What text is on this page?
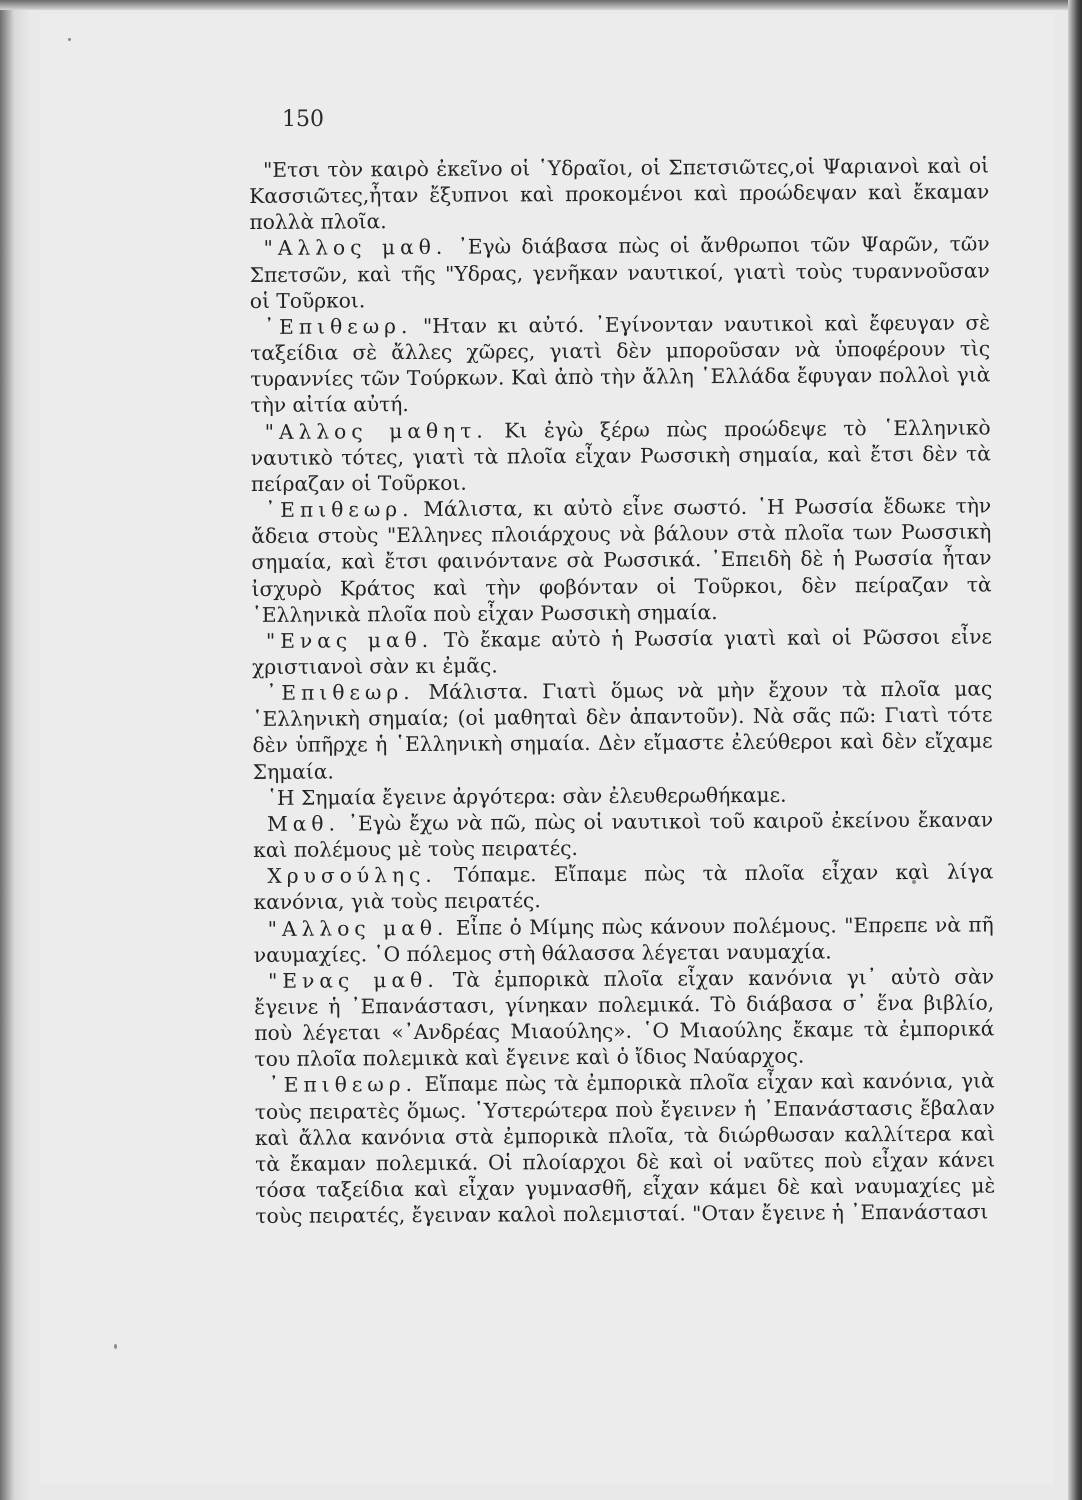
150

"Ετσι τὸν καιρὸ ἐκεῖνο οἱ ῾Υδραῖοι, οἱ Σπετσιῶτες,οἱ Ψαριανοὶ καὶ οἱ Κασσιῶτες,ἦταν ἔξυπνοι καὶ προκομένοι καὶ προώδεψαν καὶ ἔκαμαν πολλὰ πλοῖα.

"Αλλος μαθ. ᾽Εγὼ διάβασα πὼς οἱ ἄνθρωποι τῶν Ψαρῶν, τῶν Σπετσῶν, καὶ τῆς "Υδρας, γενῆκαν ναυτικοί, γιατὶ τοὺς τυραννοῦσαν οἱ Τοῦρκοι.

᾽Επιθεωρ. "Ηταν κι αὐτό. ᾽Εγίνονταν ναυτικοὶ καὶ ἔφευγαν σὲ ταξείδια σὲ ἄλλες χῶρες, γιατὶ δὲν μποροῦσαν νὰ ὑποφέρουν τὶς τυραννίες τῶν Τούρκων. Καὶ ἀπὸ τὴν ἄλλη ῾Ελλάδα ἔφυγαν πολλοὶ γιὰ τὴν αἰτία αὐτή.

"Αλλος μαθητ. Κι ἐγὼ ξέρω πὼς προώδεψε τὸ ῾Ελληνικὸ ναυτικὸ τότες, γιατὶ τὰ πλοῖα εἶχαν Ρωσσικὴ σημαία, καὶ ἔτσι δὲν τὰ πείραζαν οἱ Τοῦρκοι.

᾽Επιθεωρ. Μάλιστα, κι αὐτὸ εἶνε σωστό. ῾Η Ρωσσία ἔδωκε τὴν ἄδεια στοὺς "Ελληνες πλοιάρχους νὰ βάλουν στὰ πλοῖα των Ρωσσικὴ σημαία, καὶ ἔτσι φαινόντανε σὰ Ρωσσικά. ᾽Επειδὴ δὲ ἡ Ρωσσία ἦταν ἰσχυρὸ Κράτος καὶ τὴν φοβόνταν οἱ Τοῦρκοι, δὲν πείραζαν τὰ ῾Ελληνικὰ πλοῖα ποὺ εἶχαν Ρωσσικὴ σημαία.

"Ενας μαθ. Τὸ ἔκαμε αὐτὸ ἡ Ρωσσία γιατὶ καὶ οἱ Ρῶσσοι εἶνε χριστιανοὶ σὰν κι ἐμᾶς.

᾽Επιθεωρ. Μάλιστα. Γιατὶ ὅμως νὰ μὴν ἔχουν τὰ πλοῖα μας ῾Ελληνικὴ σημαία; (οἱ μαθηταὶ δὲν ἀπαντοῦν). Νὰ σᾶς πῶ: Γιατὶ τότε δὲν ὑπῆρχε ἡ ῾Ελληνικὴ σημαία. Δὲν εἴμαστε ἐλεύθεροι καὶ δὲν εἴχαμε Σημαία.

῾Η Σημαία ἔγεινε ἀργότερα: σὰν ἐλευθερωθήκαμε.

Μαθ. ᾽Εγὼ ἔχω νὰ πῶ, πὼς οἱ ναυτικοὶ τοῦ καιροῦ ἐκείνου ἔκαναν καὶ πολέμους μὲ τοὺς πειρατές.

Χρυσούλης. Τόπαμε. Εἴπαμε πὼς τὰ πλοῖα εἶχαν καὶ λίγα κανόνια, γιὰ τοὺς πειρατές.

"Αλλος μαθ. Εἶπε ὁ Μίμης πὼς κάνουν πολέμους. "Επρεπε νὰ πῆ ναυμαχίες. ῾Ο πόλεμος στὴ θάλασσα λέγεται ναυμαχία.

"Ενας μαθ. Τὰ ἐμπορικὰ πλοῖα εἶχαν κανόνια γι᾽ αὐτὸ σὰν ἔγεινε ἡ ᾽Επανάστασι, γίνηκαν πολεμικά. Τὸ διάβασα σ᾽ ἕνα βιβλίο, ποὺ λέγεται «᾽Ανδρέας Μιαούλης». ῾Ο Μιαούλης ἔκαμε τὰ ἐμπορικά του πλοῖα πολεμικὰ καὶ ἔγεινε καὶ ὁ ἴδιος Ναύαρχος.

᾽Επιθεωρ. Εἴπαμε πὼς τὰ ἐμπορικὰ πλοῖα εἶχαν καὶ κανόνια, γιὰ τοὺς πειρατὲς ὅμως. ῾Υστερώτερα ποὺ ἔγεινεν ἡ ᾽Επανάστασις ἔβαλαν καὶ ἄλλα κανόνια στὰ ἐμπορικὰ πλοῖα, τὰ διώρθωσαν καλλίτερα καὶ τὰ ἔκαμαν πολεμικά. Οἱ πλοίαρχοι δὲ καὶ οἱ ναῦτες ποὺ εἶχαν κάνει τόσα ταξείδια καὶ εἶχαν γυμνασθῆ, εἶχαν κάμει δὲ καὶ ναυμαχίες μὲ τοὺς πειρατές, ἔγειναν καλοὶ πολεμισταί. "Οταν ἔγεινε ἡ ᾽Επανάστασι
